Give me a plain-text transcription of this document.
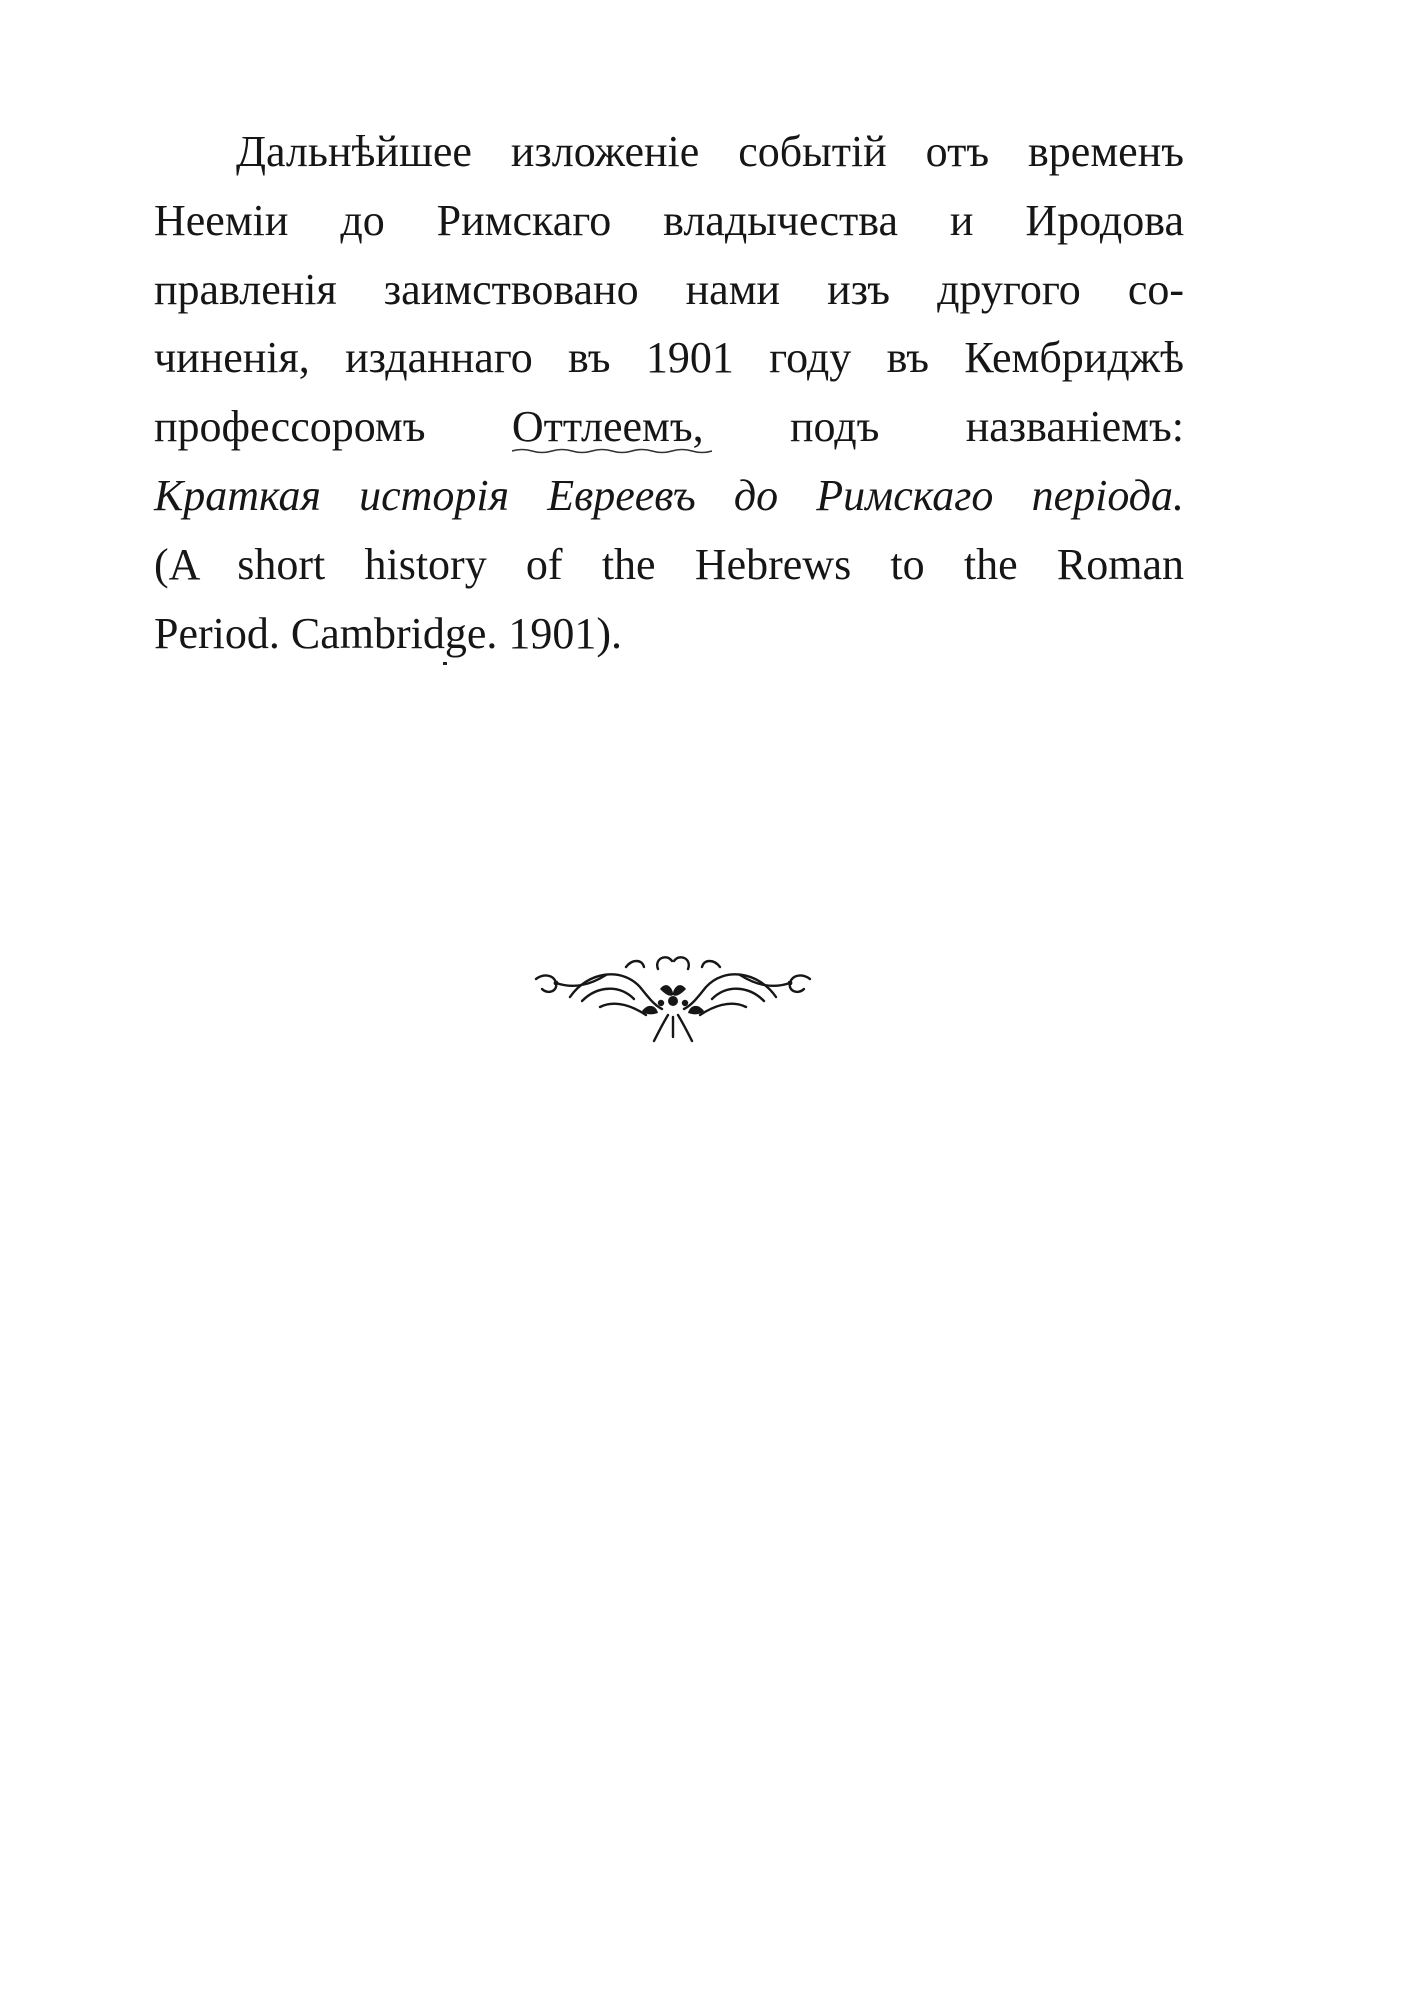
Дальнѣйшее изложеніе событій отъ временъ
Нееміи до Римскаго владычества и Иродова
правленія заимствовано нами изъ другого со-
чиненія, изданнаго въ 1901 году въ Кембриджѣ
профессоромъ Оттлеемъ, подъ названіемъ:
Краткая исторія Евреевъ до Римскаго періода.
(A short history of the Hebrews to the Roman
Period. Cambridge. 1901).
